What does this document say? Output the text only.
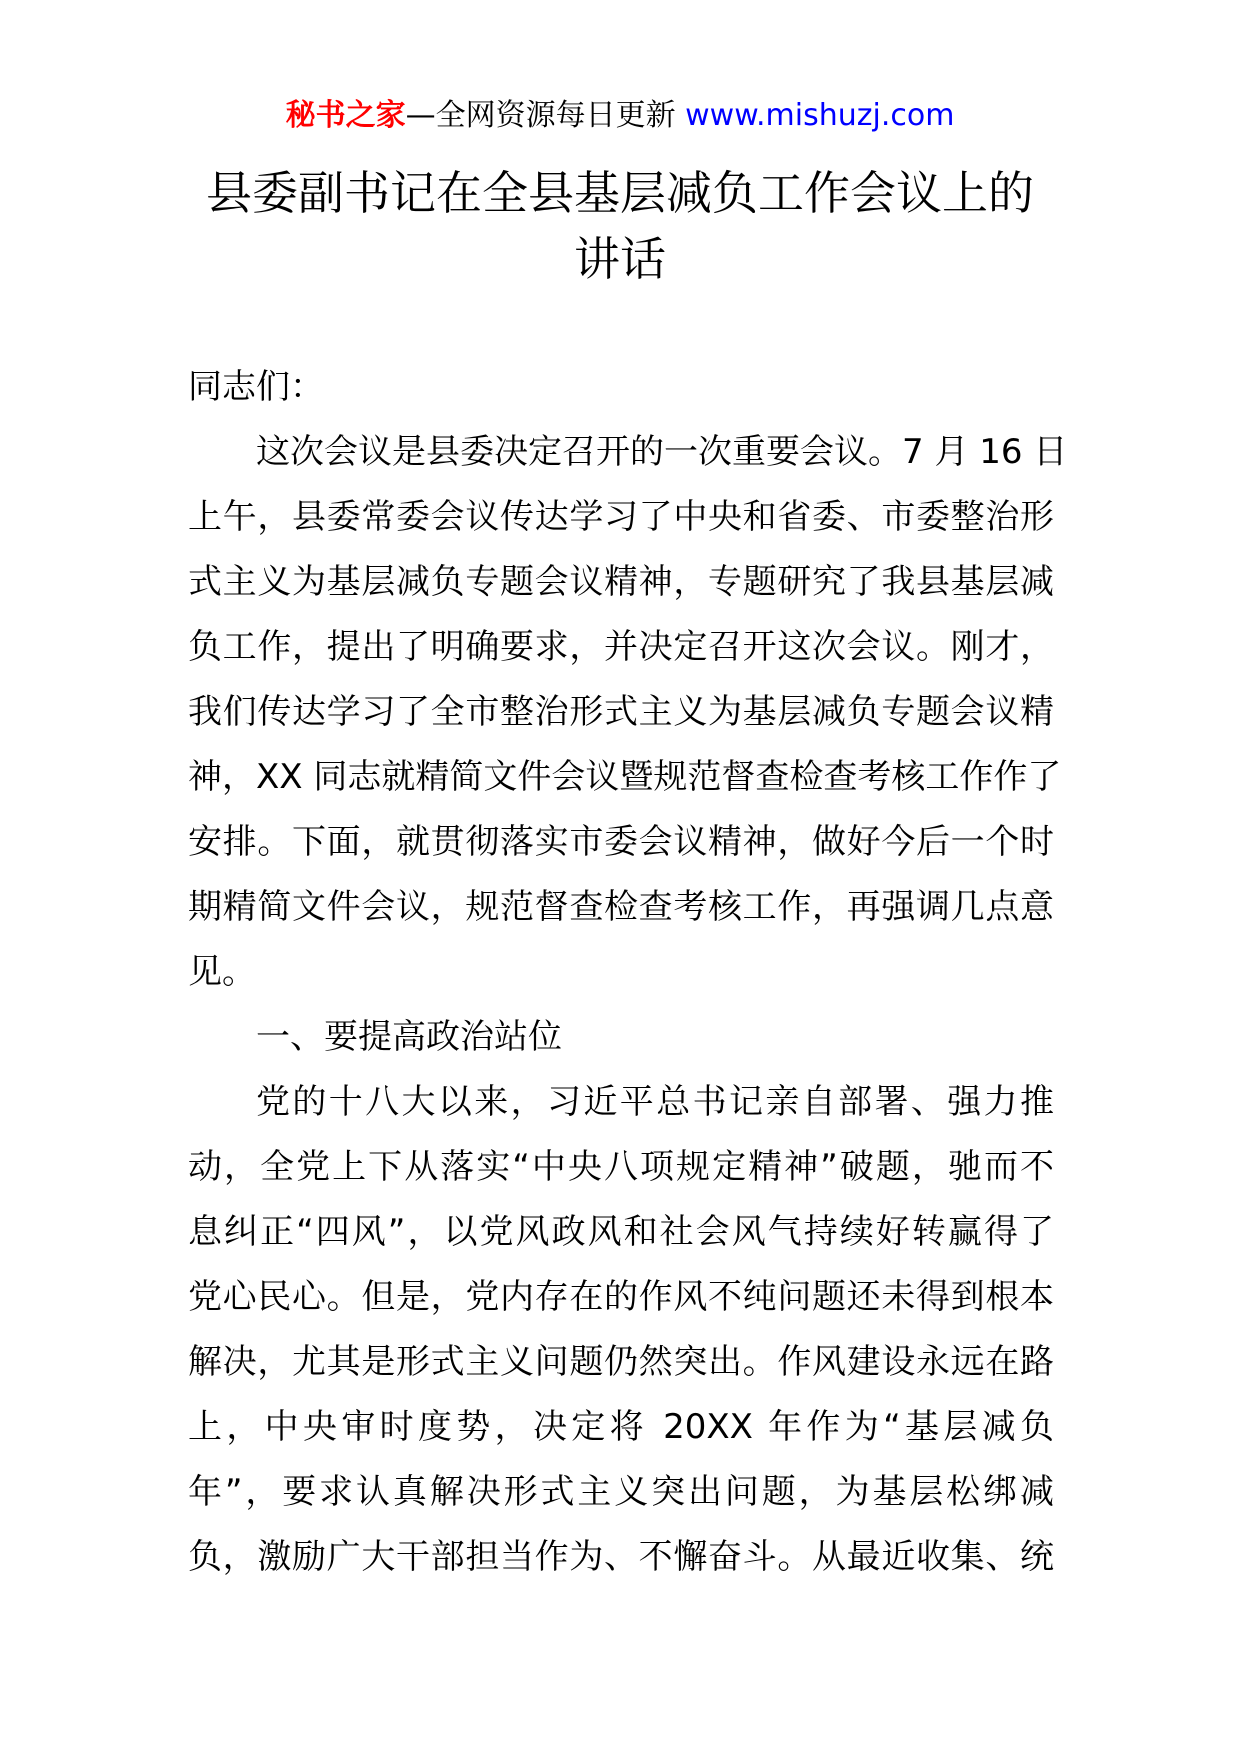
秘书之家—全网资源每日更新 www.mishuzj.com
县委副书记在全县基层减负工作会议上的
讲话
同志们：
这次会议是县委决定召开的一次重要会议。7 月 16 日
上午，县委常委会议传达学习了中央和省委、市委整治形
式主义为基层减负专题会议精神，专题研究了我县基层减
负工作，提出了明确要求，并决定召开这次会议。刚才，
我们传达学习了全市整治形式主义为基层减负专题会议精
神，XX 同志就精简文件会议暨规范督查检查考核工作作了
安排。下面，就贯彻落实市委会议精神，做好今后一个时
期精简文件会议，规范督查检查考核工作，再强调几点意
见。
一、要提高政治站位
党的十八大以来，习近平总书记亲自部署、强力推
动，全党上下从落实“中央八项规定精神”破题，驰而不
息纠正“四风”，以党风政风和社会风气持续好转赢得了
党心民心。但是，党内存在的作风不纯问题还未得到根本
解决，尤其是形式主义问题仍然突出。作风建设永远在路
上，中央审时度势，决定将 20XX 年作为“基层减负
年”，要求认真解决形式主义突出问题，为基层松绑减
负，激励广大干部担当作为、不懈奋斗。从最近收集、统
